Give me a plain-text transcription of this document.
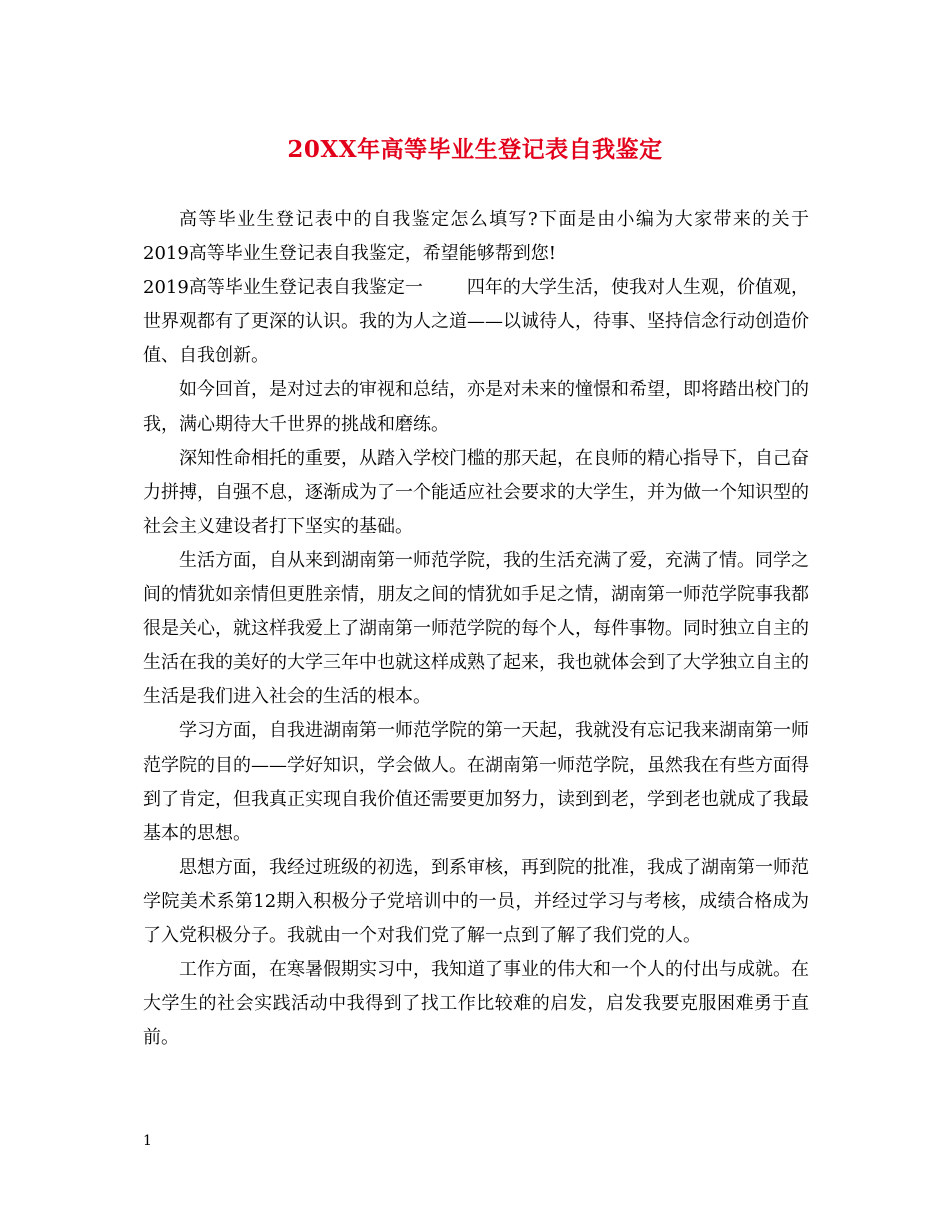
20XX年高等毕业生登记表自我鉴定

高等毕业生登记表中的自我鉴定怎么填写?下面是由小编为大家带来的关于2019高等毕业生登记表自我鉴定，希望能够帮到您!

2019高等毕业生登记表自我鉴定一 四年的大学生活，使我对人生观，价值观，世界观都有了更深的认识。我的为人之道——以诚待人，待事、坚持信念行动创造价值、自我创新。

如今回首，是对过去的审视和总结，亦是对未来的憧憬和希望，即将踏出校门的我，满心期待大千世界的挑战和磨练。

深知性命相托的重要，从踏入学校门槛的那天起，在良师的精心指导下，自己奋力拼搏，自强不息，逐渐成为了一个能适应社会要求的大学生，并为做一个知识型的社会主义建设者打下坚实的基础。

生活方面，自从来到湖南第一师范学院，我的生活充满了爱，充满了情。同学之间的情犹如亲情但更胜亲情，朋友之间的情犹如手足之情，湖南第一师范学院事我都很是关心，就这样我爱上了湖南第一师范学院的每个人，每件事物。同时独立自主的生活在我的美好的大学三年中也就这样成熟了起来，我也就体会到了大学独立自主的生活是我们进入社会的生活的根本。

学习方面，自我进湖南第一师范学院的第一天起，我就没有忘记我来湖南第一师范学院的目的——学好知识，学会做人。在湖南第一师范学院，虽然我在有些方面得到了肯定，但我真正实现自我价值还需要更加努力，读到到老，学到老也就成了我最基本的思想。

思想方面，我经过班级的初选，到系审核，再到院的批准，我成了湖南第一师范学院美术系第12期入积极分子党培训中的一员，并经过学习与考核，成绩合格成为了入党积极分子。我就由一个对我们党了解一点到了解了我们党的人。

工作方面，在寒暑假期实习中，我知道了事业的伟大和一个人的付出与成就。在大学生的社会实践活动中我得到了找工作比较难的启发，启发我要克服困难勇于直前。

1
